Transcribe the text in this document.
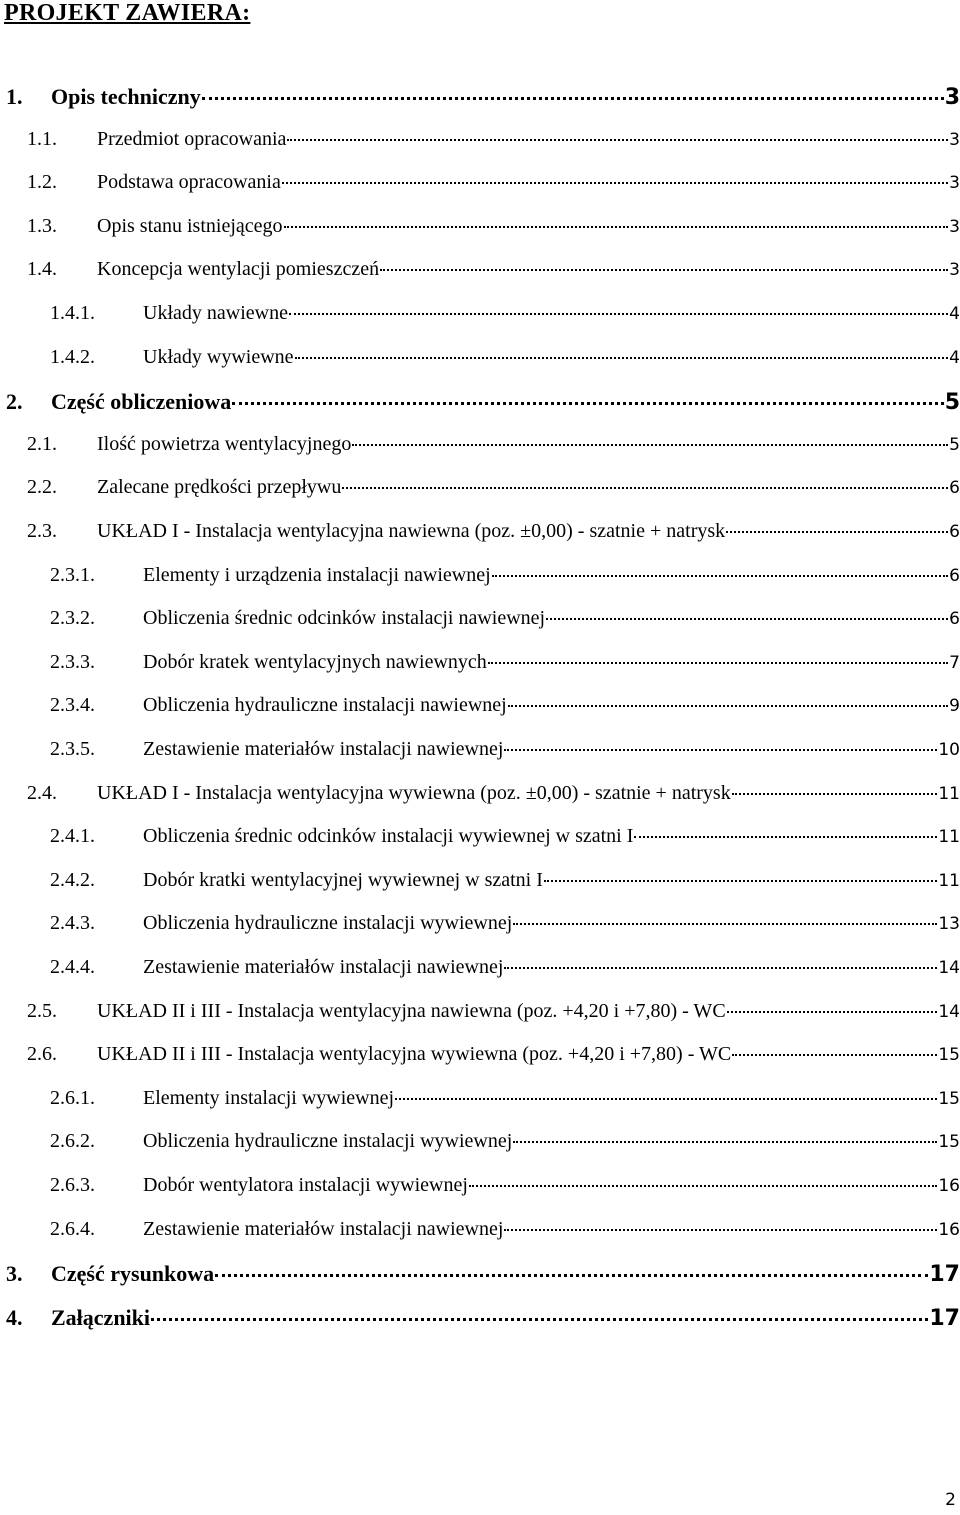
PROJEKT ZAWIERA:
1.	Opis techniczny	3
1.1.	Przedmiot opracowania	3
1.2.	Podstawa opracowania	3
1.3.	Opis stanu istniejącego	3
1.4.	Koncepcja wentylacji pomieszczeń	3
1.4.1.	Układy nawiewne	4
1.4.2.	Układy wywiewne	4
2.	Część obliczeniowa	5
2.1.	Ilość powietrza wentylacyjnego	5
2.2.	Zalecane prędkości przepływu	6
2.3.	UKŁAD I - Instalacja wentylacyjna nawiewna (poz. ±0,00) - szatnie + natrysk	6
2.3.1.	Elementy i urządzenia instalacji nawiewnej	6
2.3.2.	Obliczenia średnic odcinków instalacji nawiewnej	6
2.3.3.	Dobór kratek wentylacyjnych nawiewnych	7
2.3.4.	Obliczenia hydrauliczne instalacji nawiewnej	9
2.3.5.	Zestawienie materiałów instalacji nawiewnej	10
2.4.	UKŁAD I - Instalacja wentylacyjna wywiewna (poz. ±0,00) - szatnie + natrysk	11
2.4.1.	Obliczenia średnic odcinków instalacji wywiewnej w szatni I	11
2.4.2.	Dobór kratki wentylacyjnej wywiewnej w szatni I	11
2.4.3.	Obliczenia hydrauliczne instalacji wywiewnej	13
2.4.4.	Zestawienie materiałów instalacji nawiewnej	14
2.5.	UKŁAD II i III - Instalacja wentylacyjna nawiewna (poz. +4,20 i +7,80) - WC	14
2.6.	UKŁAD II i III - Instalacja wentylacyjna wywiewna (poz. +4,20 i +7,80) - WC	15
2.6.1.	Elementy instalacji wywiewnej	15
2.6.2.	Obliczenia hydrauliczne instalacji wywiewnej	15
2.6.3.	Dobór wentylatora instalacji wywiewnej	16
2.6.4.	Zestawienie materiałów instalacji nawiewnej	16
3.	Część rysunkowa	17
4.	Załączniki	17
2
